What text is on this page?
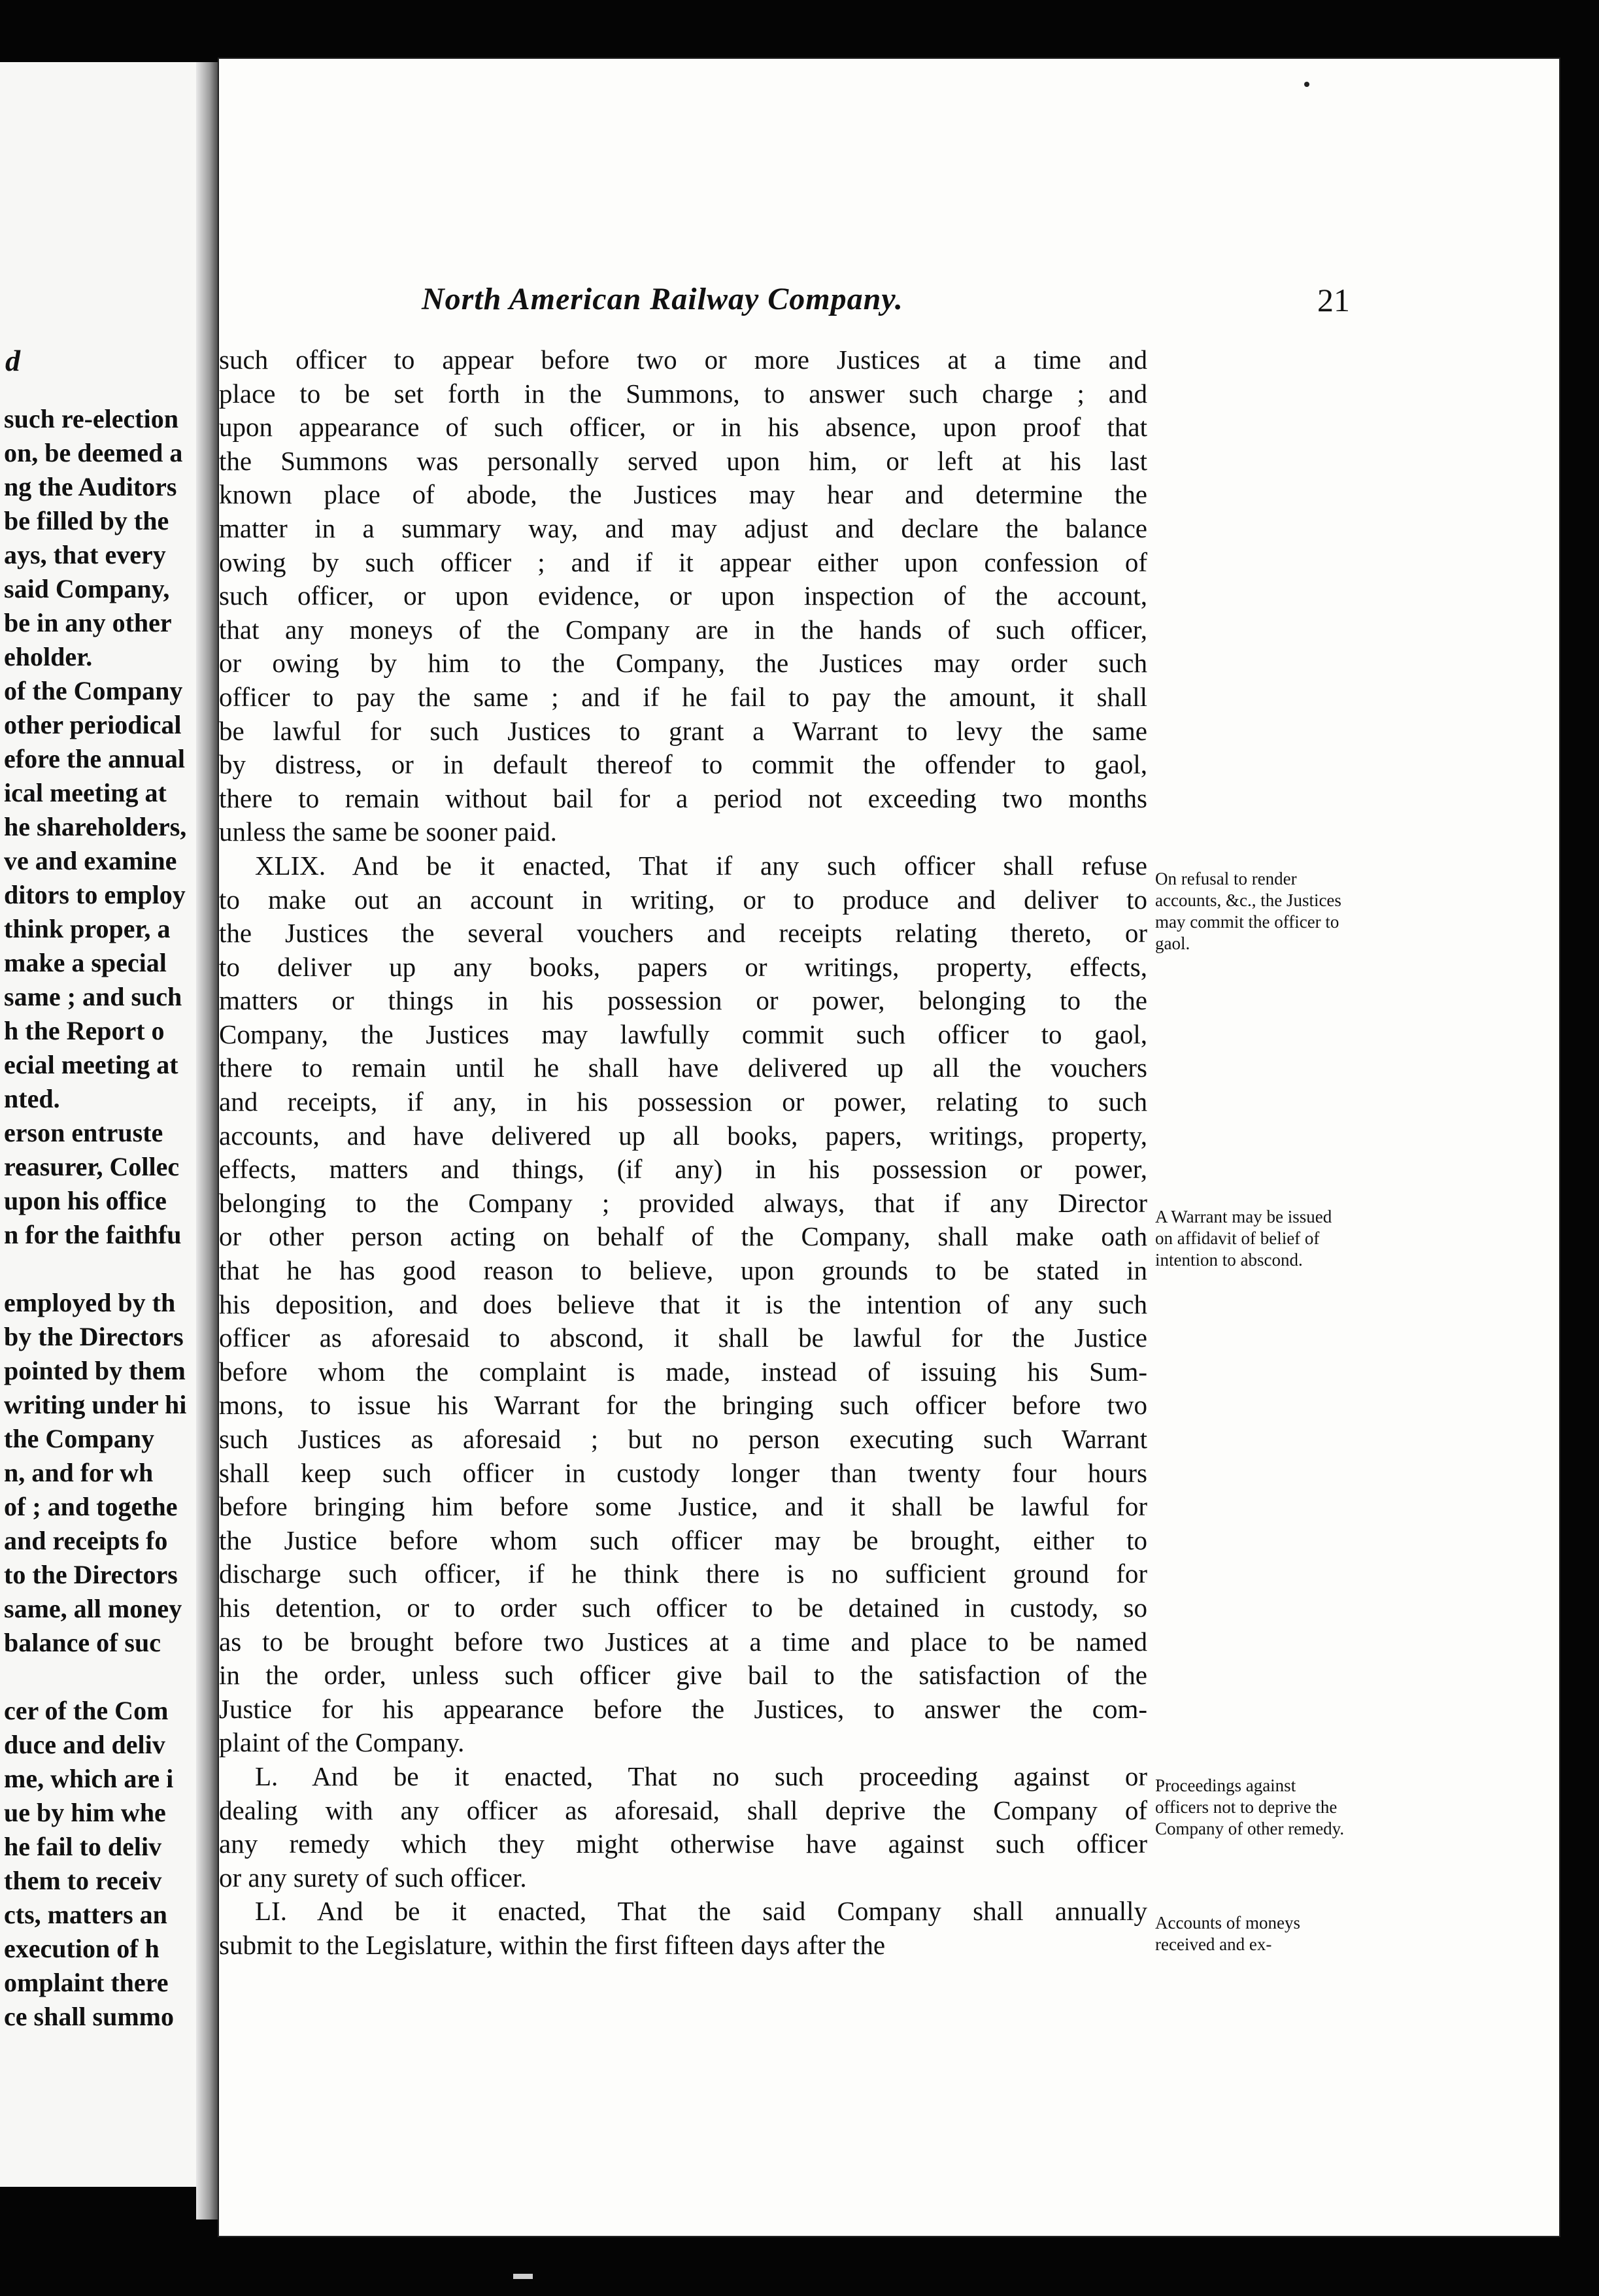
d
such re-election
on, be deemed a
ng the Auditors
be filled by the
ays, that every
said Company,
be in any other
eholder.
of the Company
other periodical
efore the annual
ical meeting at
he shareholders,
ve and examine
ditors to employ
think proper, a
make a special
same ; and such
h the Report o
ecial meeting at
nted.
erson entruste
reasurer, Collec
upon his office
n for the faithfu
employed by th
by the Directors
pointed by them
writing under hi
the Company
n, and for wh
of ; and togethe
and receipts fo
to the Directors
same, all money
balance of suc
cer of the Com
duce and deliv
me, which are i
ue by him whe
he fail to deliv
them to receiv
cts, matters an
execution of h
omplaint there
ce shall summo
North American Railway Company.	21
such officer to appear before two or more Justices at a time and
place to be set forth in the Summons, to answer such charge ; and
upon appearance of such officer, or in his absence, upon proof that
the Summons was personally served upon him, or left at his last
known place of abode, the Justices may hear and determine the
matter in a summary way, and may adjust and declare the balance
owing by such officer ; and if it appear either upon confession of
such officer, or upon evidence, or upon inspection of the account,
that any moneys of the Company are in the hands of such officer,
or owing by him to the Company, the Justices may order such
officer to pay the same ; and if he fail to pay the amount, it shall
be lawful for such Justices to grant a Warrant to levy the same
by distress, or in default thereof to commit the offender to gaol,
there to remain without bail for a period not exceeding two months
unless the same be sooner paid.
XLIX. And be it enacted, That if any such officer shall refuse
to make out an account in writing, or to produce and deliver to
the Justices the several vouchers and receipts relating thereto, or
to deliver up any books, papers or writings, property, effects,
matters or things in his possession or power, belonging to the
Company, the Justices may lawfully commit such officer to gaol,
there to remain until he shall have delivered up all the vouchers
and receipts, if any, in his possession or power, relating to such
accounts, and have delivered up all books, papers, writings, property,
effects, matters and things, (if any) in his possession or power,
belonging to the Company ; provided always, that if any Director
or other person acting on behalf of the Company, shall make oath
that he has good reason to believe, upon grounds to be stated in
his deposition, and does believe that it is the intention of any such
officer as aforesaid to abscond, it shall be lawful for the Justice
before whom the complaint is made, instead of issuing his Sum-
mons, to issue his Warrant for the bringing such officer before two
such Justices as aforesaid ; but no person executing such Warrant
shall keep such officer in custody longer than twenty four hours
before bringing him before some Justice, and it shall be lawful for
the Justice before whom such officer may be brought, either to
discharge such officer, if he think there is no sufficient ground for
his detention, or to order such officer to be detained in custody, so
as to be brought before two Justices at a time and place to be named
in the order, unless such officer give bail to the satisfaction of the
Justice for his appearance before the Justices, to answer the com-
plaint of the Company.
L. And be it enacted, That no such proceeding against or
dealing with any officer as aforesaid, shall deprive the Company of
any remedy which they might otherwise have against such officer
or any surety of such officer.
LI. And be it enacted, That the said Company shall annually
submit to the Legislature, within the first fifteen days after the
On refusal to render accounts, &c., the Justices may commit the officer to gaol.
A Warrant may be issued on affidavit of belief of intention to abscond.
Proceedings against officers not to deprive the Company of other remedy.
Accounts of moneys received and ex-
